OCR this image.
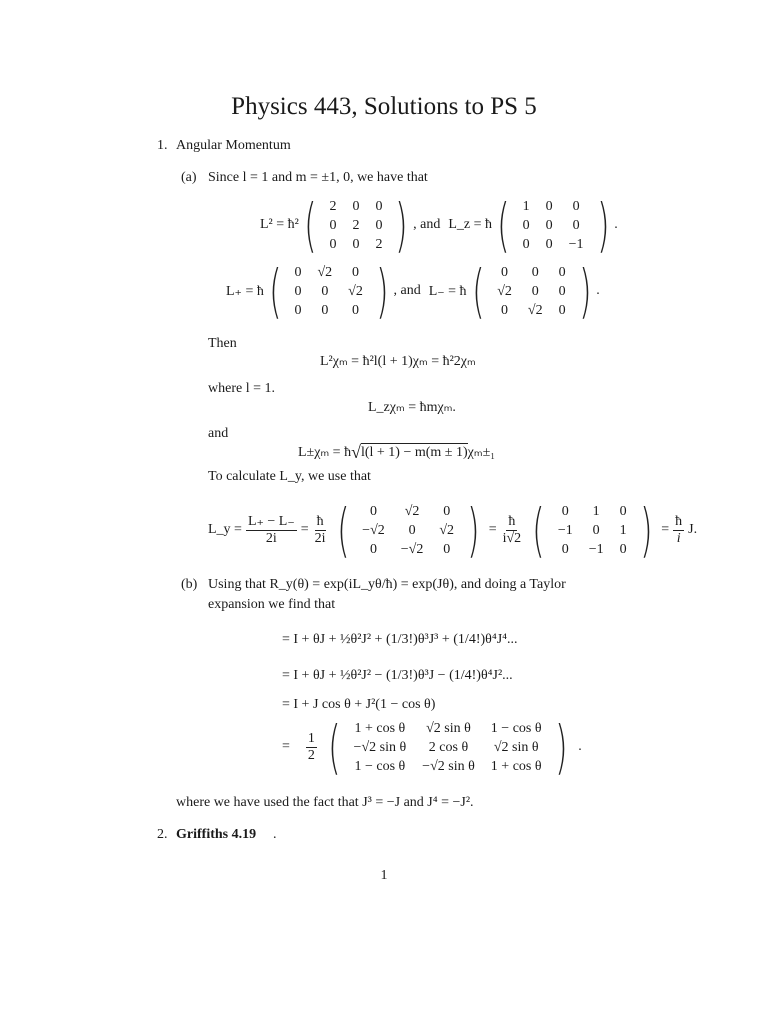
Physics 443, Solutions to PS 5
1. Angular Momentum
(a) Since l = 1 and m = ±1, 0, we have that
L² = ħ² ( 2	0	0
0	2	0
0	0	2 ) , and L_z = ħ ( 1	0	0
0	0	0
0	0	−1 ) .
L₊ = ħ ( 0	√2	0
0	0	√2
0	0	0 ) , and L₋ = ħ ( 0	0	0
√2	0	0
0	√2	0 ) .
Then
L²χₘ = ħ²l(l + 1)χₘ = ħ²2χₘ
where l = 1.
L_zχₘ = ħmχₘ.
and
L±χₘ = ħ √ l(l + 1) − m(m ± 1) χₘ±₁
To calculate L_y, we use that
L_y = $\frac{L_+ - L_-}{2i} = \frac{ħ}{2i}$ ( 0	√2	0
−√2	0	√2
0	−√2	0 ) = $\frac{ħ}{i√2}$ ( 0	1	0
−1	0	1
0	−1	0 ) = $\frac{ħ}{i} J$.
(b) Using that R_y(θ) = exp(iL_yθ/ħ) = exp(Jθ), and doing a Taylor
expansion we find that
= I + θJ + ½θ²J² + (1/3!)θ³J³ + (1/4!)θ⁴J⁴...
= I + θJ + ½θ²J² − (1/3!)θ³J − (1/4!)θ⁴J²...
= I + J cos θ + J²(1 − cos θ)
= $\frac{1}{2}$ ( 1 + cos θ	√2 sin θ	1 − cos θ
−√2 sin θ	2 cos θ	√2 sin θ
1 − cos θ	−√2 sin θ	1 + cos θ ) .
where we have used the fact that J³ = −J and J⁴ = −J².
2. Griffiths 4.19 .
1
